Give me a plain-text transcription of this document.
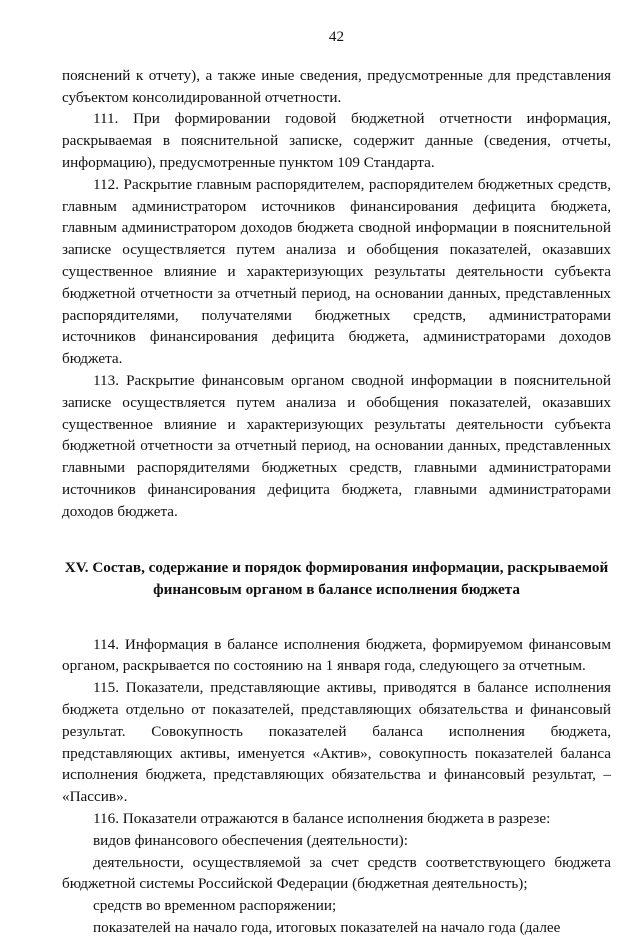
42

пояснений к отчету), а также иные сведения, предусмотренные для представления субъектом консолидированной отчетности.

111. При формировании годовой бюджетной отчетности информация, раскрываемая в пояснительной записке, содержит данные (сведения, отчеты, информацию), предусмотренные пунктом 109 Стандарта.

112. Раскрытие главным распорядителем, распорядителем бюджетных средств, главным администратором источников финансирования дефицита бюджета, главным администратором доходов бюджета сводной информации в пояснительной записке осуществляется путем анализа и обобщения показателей, оказавших существенное влияние и характеризующих результаты деятельности субъекта бюджетной отчетности за отчетный период, на основании данных, представленных распорядителями, получателями бюджетных средств, администраторами источников финансирования дефицита бюджета, администраторами доходов бюджета.

113. Раскрытие финансовым органом сводной информации в пояснительной записке осуществляется путем анализа и обобщения показателей, оказавших существенное влияние и характеризующих результаты деятельности субъекта бюджетной отчетности за отчетный период, на основании данных, представленных главными распорядителями бюджетных средств, главными администраторами источников финансирования дефицита бюджета, главными администраторами доходов бюджета.

XV. Состав, содержание и порядок формирования информации, раскрываемой
финансовым органом в балансе исполнения бюджета

114. Информация в балансе исполнения бюджета, формируемом финансовым органом, раскрывается по состоянию на 1 января года, следующего за отчетным.

115. Показатели, представляющие активы, приводятся в балансе исполнения бюджета отдельно от показателей, представляющих обязательства и финансовый результат. Совокупность показателей баланса исполнения бюджета, представляющих активы, именуется «Актив», совокупность показателей баланса исполнения бюджета, представляющих обязательства и финансовый результат, – «Пассив».

116. Показатели отражаются в балансе исполнения бюджета в разрезе:

видов финансового обеспечения (деятельности):

деятельности, осуществляемой за счет средств соответствующего бюджета бюджетной системы Российской Федерации (бюджетная деятельность);

средств во временном распоряжении;

показателей на начало года, итоговых показателей на начало года (далее
